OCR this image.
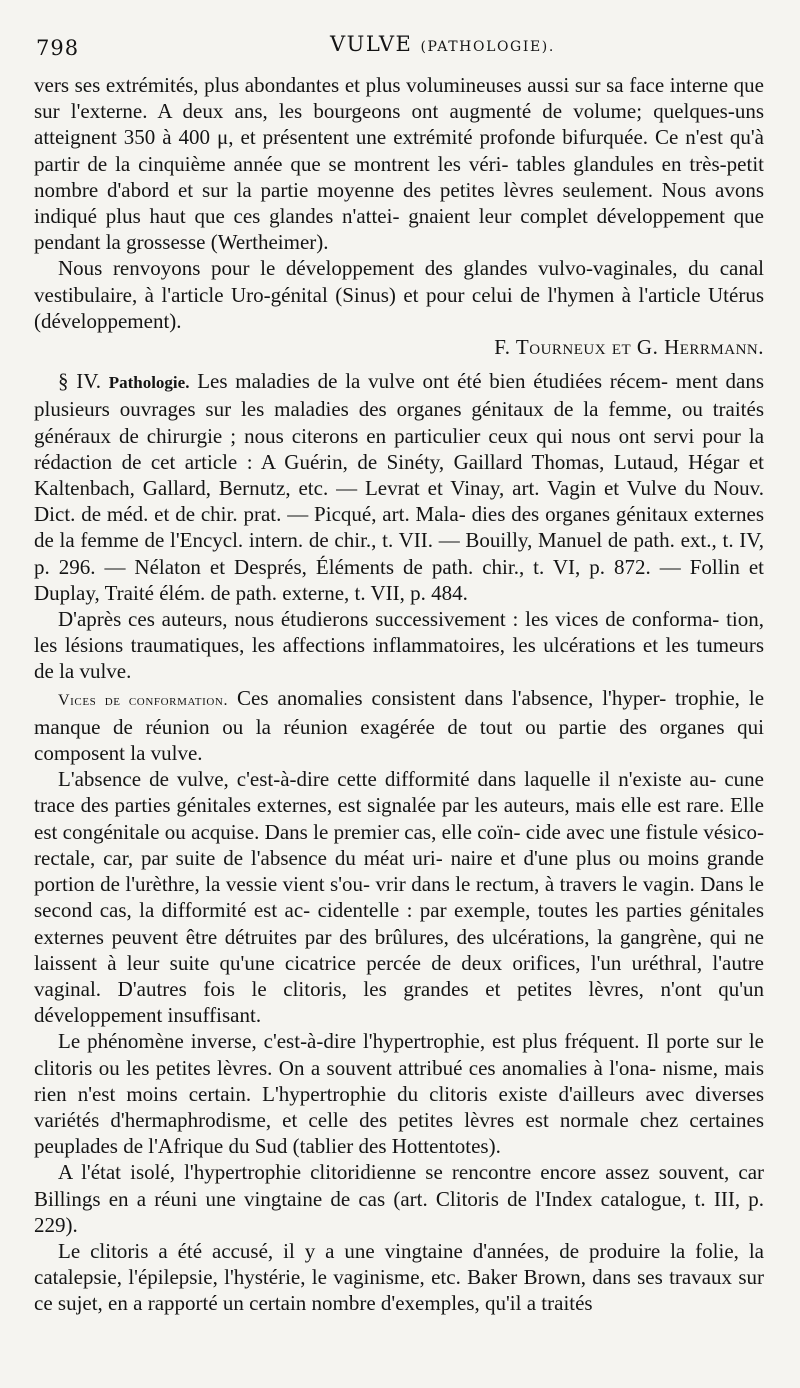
798	VULVE (PATHOLOGIE).

vers ses extrémités, plus abondantes et plus volumineuses aussi sur sa face interne que sur l'externe. A deux ans, les bourgeons ont augmenté de volume; quelques-uns atteignent 350 à 400 μ, et présentent une extrémité profonde bifurquée. Ce n'est qu'à partir de la cinquième année que se montrent les véri- tables glandules en très-petit nombre d'abord et sur la partie moyenne des petites lèvres seulement. Nous avons indiqué plus haut que ces glandes n'attei- gnaient leur complet développement que pendant la grossesse (Wertheimer).

Nous renvoyons pour le développement des glandes vulvo-vaginales, du canal vestibulaire, à l'article Uro-génital (Sinus) et pour celui de l'hymen à l'article Utérus (développement).

F. Tourneux et G. Herrmann.

§ IV. Pathologie. Les maladies de la vulve ont été bien étudiées récem- ment dans plusieurs ouvrages sur les maladies des organes génitaux de la femme, ou traités généraux de chirurgie ; nous citerons en particulier ceux qui nous ont servi pour la rédaction de cet article : A Guérin, de Sinéty, Gaillard Thomas, Lutaud, Hégar et Kaltenbach, Gallard, Bernutz, etc. — Levrat et Vinay, art. Vagin et Vulve du Nouv. Dict. de méd. et de chir. prat. — Picqué, art. Mala- dies des organes génitaux externes de la femme de l'Encycl. intern. de chir., t. VII. — Bouilly, Manuel de path. ext., t. IV, p. 296. — Nélaton et Després, Éléments de path. chir., t. VI, p. 872. — Follin et Duplay, Traité élém. de path. externe, t. VII, p. 484.

D'après ces auteurs, nous étudierons successivement : les vices de conforma- tion, les lésions traumatiques, les affections inflammatoires, les ulcérations et les tumeurs de la vulve.

Vices de conformation. Ces anomalies consistent dans l'absence, l'hyper- trophie, le manque de réunion ou la réunion exagérée de tout ou partie des organes qui composent la vulve.

L'absence de vulve, c'est-à-dire cette difformité dans laquelle il n'existe au- cune trace des parties génitales externes, est signalée par les auteurs, mais elle est rare. Elle est congénitale ou acquise. Dans le premier cas, elle coïn- cide avec une fistule vésico-rectale, car, par suite de l'absence du méat uri- naire et d'une plus ou moins grande portion de l'urèthre, la vessie vient s'ou- vrir dans le rectum, à travers le vagin. Dans le second cas, la difformité est ac- cidentelle : par exemple, toutes les parties génitales externes peuvent être détruites par des brûlures, des ulcérations, la gangrène, qui ne laissent à leur suite qu'une cicatrice percée de deux orifices, l'un uréthral, l'autre vaginal. D'autres fois le clitoris, les grandes et petites lèvres, n'ont qu'un développement insuffisant.

Le phénomène inverse, c'est-à-dire l'hypertrophie, est plus fréquent. Il porte sur le clitoris ou les petites lèvres. On a souvent attribué ces anomalies à l'ona- nisme, mais rien n'est moins certain. L'hypertrophie du clitoris existe d'ailleurs avec diverses variétés d'hermaphrodisme, et celle des petites lèvres est normale chez certaines peuplades de l'Afrique du Sud (tablier des Hottentotes).

A l'état isolé, l'hypertrophie clitoridienne se rencontre encore assez souvent, car Billings en a réuni une vingtaine de cas (art. Clitoris de l'Index catalogue, t. III, p. 229).

Le clitoris a été accusé, il y a une vingtaine d'années, de produire la folie, la catalepsie, l'épilepsie, l'hystérie, le vaginisme, etc. Baker Brown, dans ses travaux sur ce sujet, en a rapporté un certain nombre d'exemples, qu'il a traités
